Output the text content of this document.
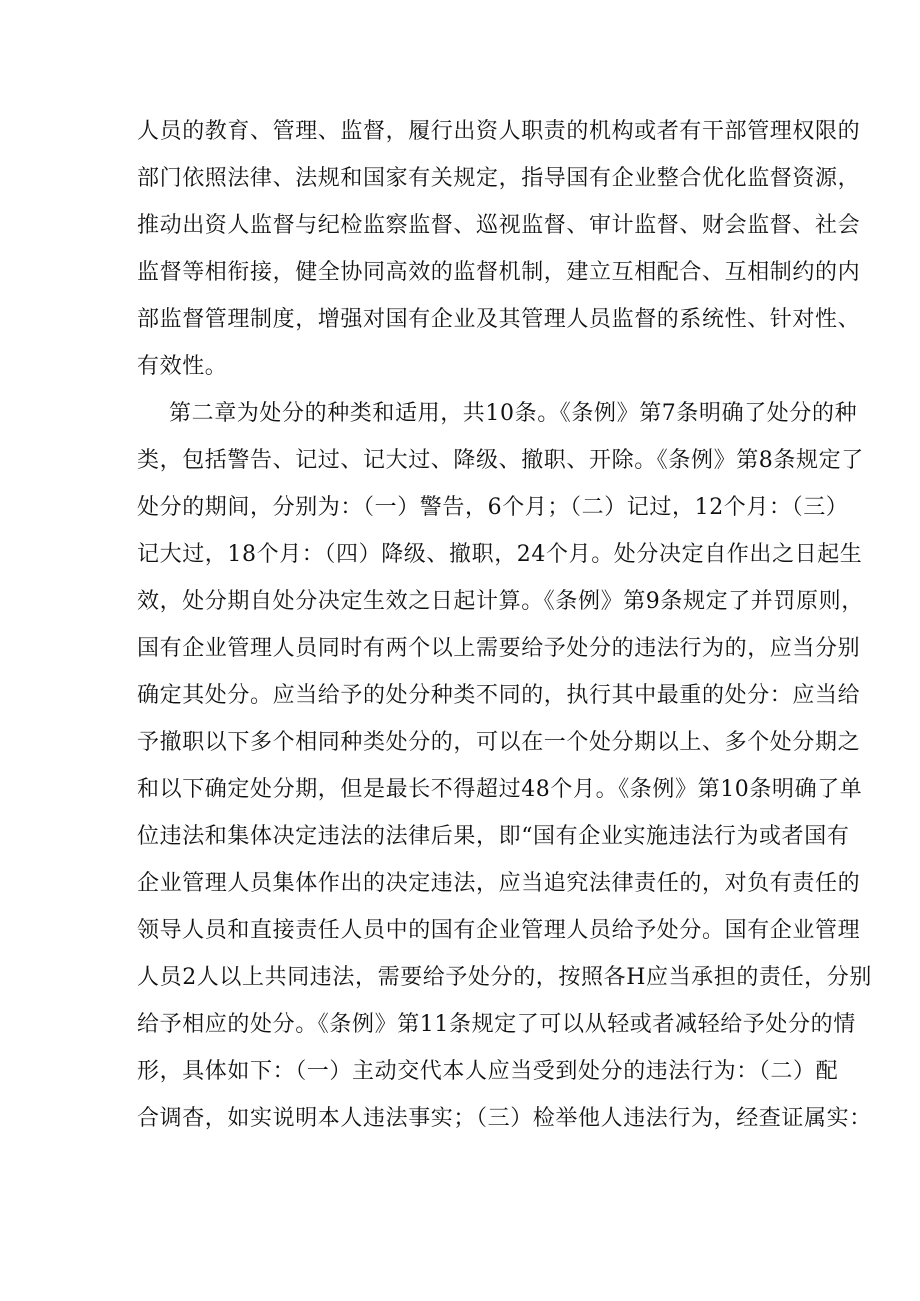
人员的教育、管理、监督，履行出资人职责的机构或者有干部管理权限的
部门依照法律、法规和国家有关规定，指导国有企业整合优化监督资源，
推动出资人监督与纪检监察监督、巡视监督、审计监督、财会监督、社会
监督等相衔接，健全协同高效的监督机制，建立互相配合、互相制约的内
部监督管理制度，增强对国有企业及其管理人员监督的系统性、针对性、
有效性。
第二章为处分的种类和适用，共10条。《条例》第7条明确了处分的种
类，包括警告、记过、记大过、降级、撤职、开除。《条例》第8条规定了
处分的期间，分别为：（一）警告，6个月；（二）记过，12个月：（三）
记大过，18个月：（四）降级、撤职，24个月。处分决定自作出之日起生
效，处分期自处分决定生效之日起计算。《条例》第9条规定了并罚原则，
国有企业管理人员同时有两个以上需要给予处分的违法行为的，应当分别
确定其处分。应当给予的处分种类不同的，执行其中最重的处分：应当给
予撤职以下多个相同种类处分的，可以在一个处分期以上、多个处分期之
和以下确定处分期，但是最长不得超过48个月。《条例》第10条明确了单
位违法和集体决定违法的法律后果，即“国有企业实施违法行为或者国有
企业管理人员集体作出的决定违法，应当追究法律责任的，对负有责任的
领导人员和直接责任人员中的国有企业管理人员给予处分。国有企业管理
人员2人以上共同违法，需要给予处分的，按照各H应当承担的责任，分别
给予相应的处分。《条例》第11条规定了可以从轻或者减轻给予处分的情
形，具体如下：（一）主动交代本人应当受到处分的违法行为：（二）配
合调杳，如实说明本人违法事实；（三）检举他人违法行为，经查证属实：
